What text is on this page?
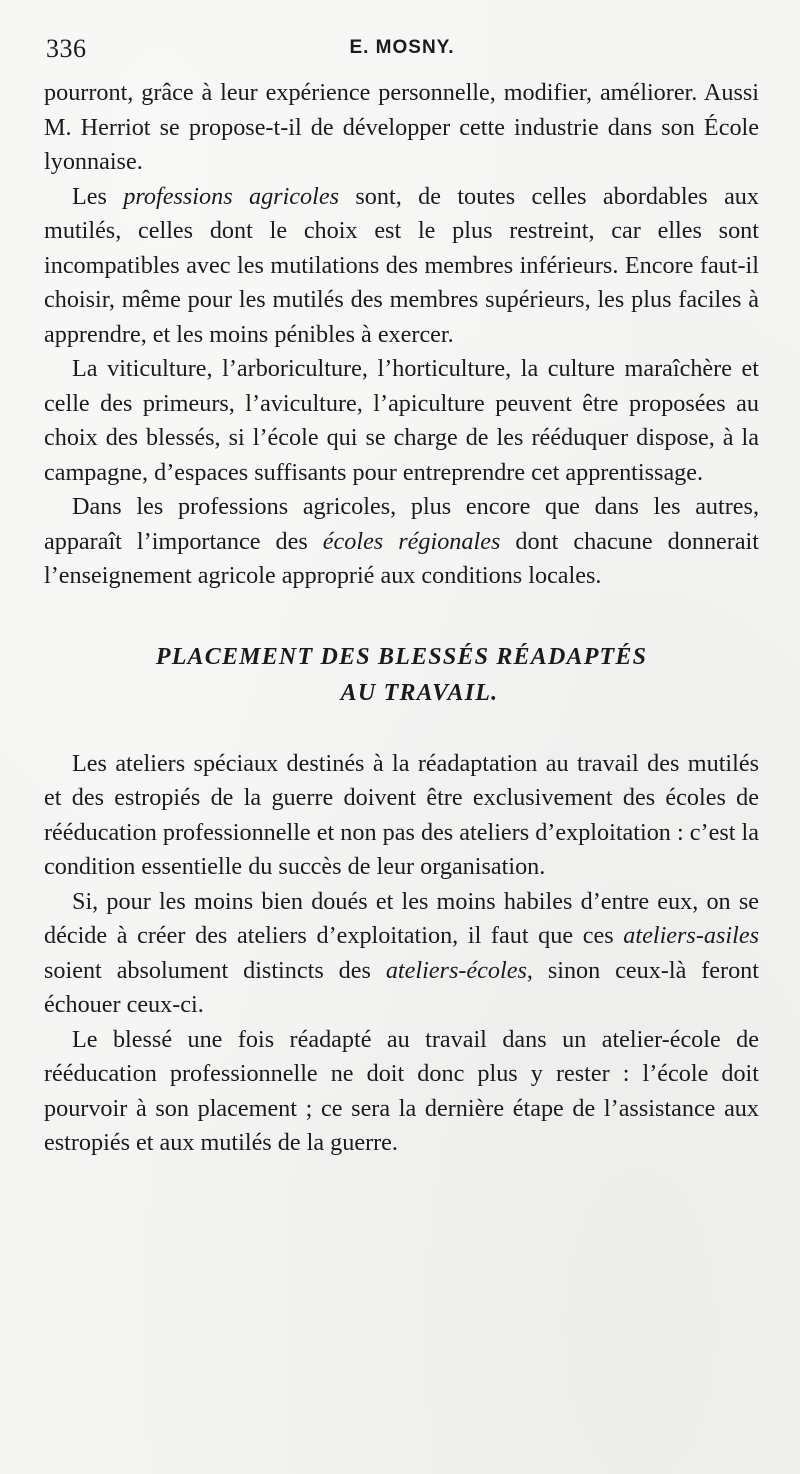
336	E. MOSNY.

pourront, grâce à leur expérience personnelle, modifier, améliorer. Aussi M. Herriot se propose-t-il de développer cette industrie dans son École lyonnaise.

Les professions agricoles sont, de toutes celles abordables aux mutilés, celles dont le choix est le plus restreint, car elles sont incompatibles avec les mutilations des membres inférieurs. Encore faut-il choisir, même pour les mutilés des membres supérieurs, les plus faciles à apprendre, et les moins pénibles à exercer.

La viticulture, l’arboriculture, l’horticulture, la culture maraîchère et celle des primeurs, l’aviculture, l’apiculture peuvent être proposées au choix des blessés, si l’école qui se charge de les rééduquer dispose, à la campagne, d’espaces suffisants pour entreprendre cet apprentissage.

Dans les professions agricoles, plus encore que dans les autres, apparaît l’importance des écoles régionales dont chacune donnerait l’enseignement agricole approprié aux conditions locales.

PLACEMENT DES BLESSÉS RÉADAPTÉS
AU TRAVAIL.

Les ateliers spéciaux destinés à la réadaptation au travail des mutilés et des estropiés de la guerre doivent être exclusivement des écoles de rééducation professionnelle et non pas des ateliers d’exploitation : c’est la condition essentielle du succès de leur organisation.

Si, pour les moins bien doués et les moins habiles d’entre eux, on se décide à créer des ateliers d’exploitation, il faut que ces ateliers-asiles soient absolument distincts des ateliers-écoles, sinon ceux-là feront échouer ceux-ci.

Le blessé une fois réadapté au travail dans un atelier-école de rééducation professionnelle ne doit donc plus y rester : l’école doit pourvoir à son placement ; ce sera la dernière étape de l’assistance aux estropiés et aux mutilés de la guerre.
